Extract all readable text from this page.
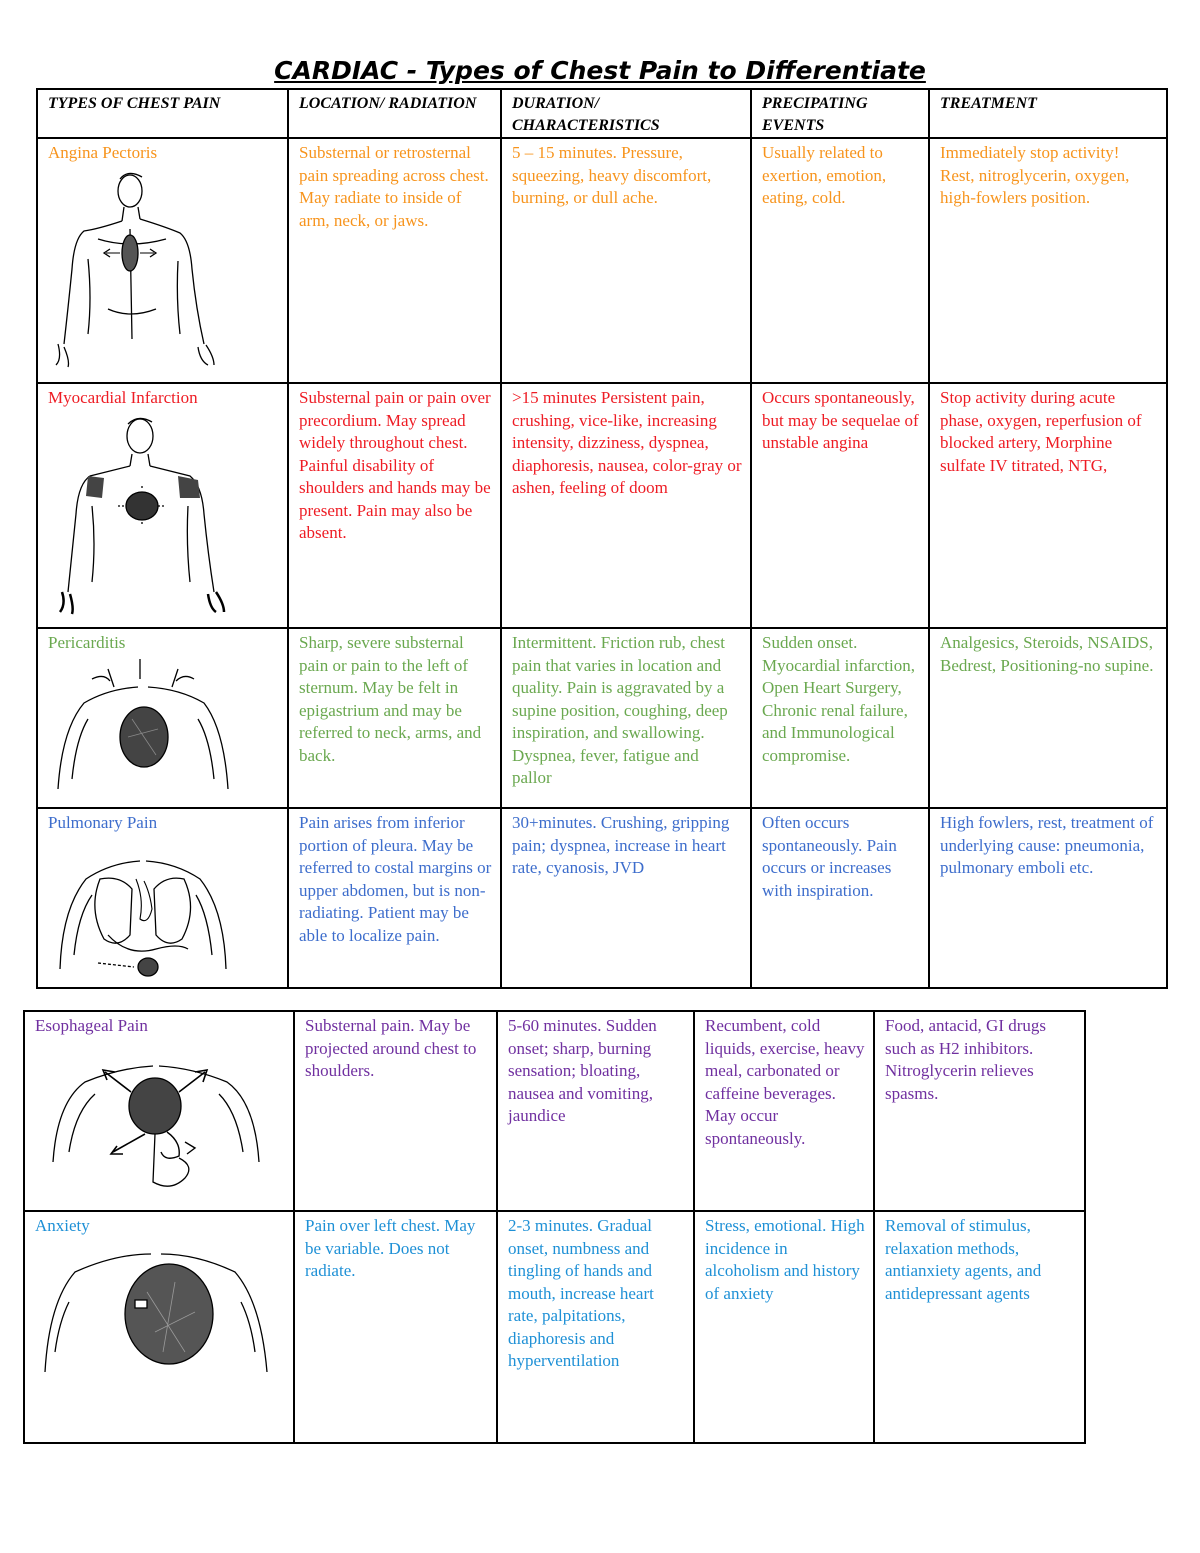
CARDIAC - Types of Chest Pain to Differentiate
TYPES OF CHEST PAIN	LOCATION/ RADIATION	DURATION/ CHARACTERISTICS	PRECIPATING EVENTS	TREATMENT

Angina Pectoris	Substernal or retrosternal pain spreading across chest. May radiate to inside of arm, neck, or jaws.	5 – 15 minutes. Pressure, squeezing, heavy discomfort, burning, or dull ache.	Usually related to exertion, emotion, eating, cold.	Immediately stop activity! Rest, nitroglycerin, oxygen, high-fowlers position.

Myocardial Infarction	Substernal pain or pain over precordium. May spread widely throughout chest. Painful disability of shoulders and hands may be present. Pain may also be absent.	>15 minutes Persistent pain, crushing, vice-like, increasing intensity, dizziness, dyspnea, diaphoresis, nausea, color-gray or ashen, feeling of doom	Occurs spontaneously, but may be sequelae of unstable angina	Stop activity during acute phase, oxygen, reperfusion of blocked artery, Morphine sulfate IV titrated, NTG,

Pericarditis	Sharp, severe substernal pain or pain to the left of sternum. May be felt in epigastrium and may be referred to neck, arms, and back.	Intermittent. Friction rub, chest pain that varies in location and quality. Pain is aggravated by a supine position, coughing, deep inspiration, and swallowing. Dyspnea, fever, fatigue and pallor	Sudden onset. Myocardial infarction, Open Heart Surgery, Chronic renal failure, and Immunological compromise.	Analgesics, Steroids, NSAIDS, Bedrest, Positioning-no supine.

Pulmonary Pain	Pain arises from inferior portion of pleura. May be referred to costal margins or upper abdomen, but is non-radiating. Patient may be able to localize pain.	30+minutes. Crushing, gripping pain; dyspnea, increase in heart rate, cyanosis, JVD	Often occurs spontaneously. Pain occurs or increases with inspiration.	High fowlers, rest, treatment of underlying cause: pneumonia, pulmonary emboli etc.
Esophageal Pain	Substernal pain. May be projected around chest to shoulders.	5-60 minutes. Sudden onset; sharp, burning sensation; bloating, nausea and vomiting, jaundice	Recumbent, cold liquids, exercise, heavy meal, carbonated or caffeine beverages. May occur spontaneously.	Food, antacid, GI drugs such as H2 inhibitors. Nitroglycerin relieves spasms.

Anxiety	Pain over left chest. May be variable. Does not radiate.	2-3 minutes. Gradual onset, numbness and tingling of hands and mouth, increase heart rate, palpitations, diaphoresis and hyperventilation	Stress, emotional. High incidence in alcoholism and history of anxiety	Removal of stimulus, relaxation methods, antianxiety agents, and antidepressant agents
